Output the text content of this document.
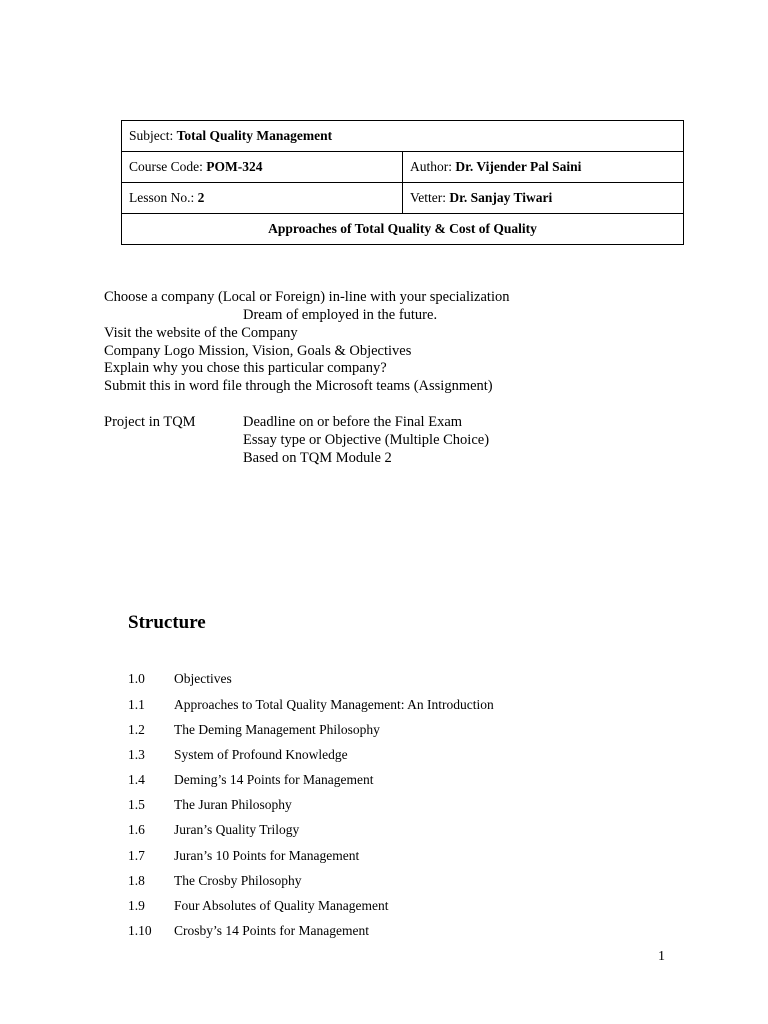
Subject: Total Quality Management	
Course Code: POM-324	Author: Dr. Vijender Pal Saini
Lesson No.: 2	Vetter: Dr. Sanjay Tiwari
Approaches of Total Quality & Cost of Quality	
Choose a company (Local or Foreign) in-line with your specialization
Dream of employed in the future.
Visit the website of the Company
Company Logo Mission, Vision, Goals & Objectives
Explain why you chose this particular company?
Submit this in word file through the Microsoft teams (Assignment)
Project in TQM	Deadline on or before the Final Exam
Essay type or Objective (Multiple Choice)
Based on TQM Module 2
Structure
1.0 Objectives
1.1 Approaches to Total Quality Management: An Introduction
1.2 The Deming Management Philosophy
1.3 System of Profound Knowledge
1.4 Deming’s 14 Points for Management
1.5 The Juran Philosophy
1.6 Juran’s Quality Trilogy
1.7 Juran’s 10 Points for Management
1.8 The Crosby Philosophy
1.9 Four Absolutes of Quality Management
1.10 Crosby’s 14 Points for Management
1
